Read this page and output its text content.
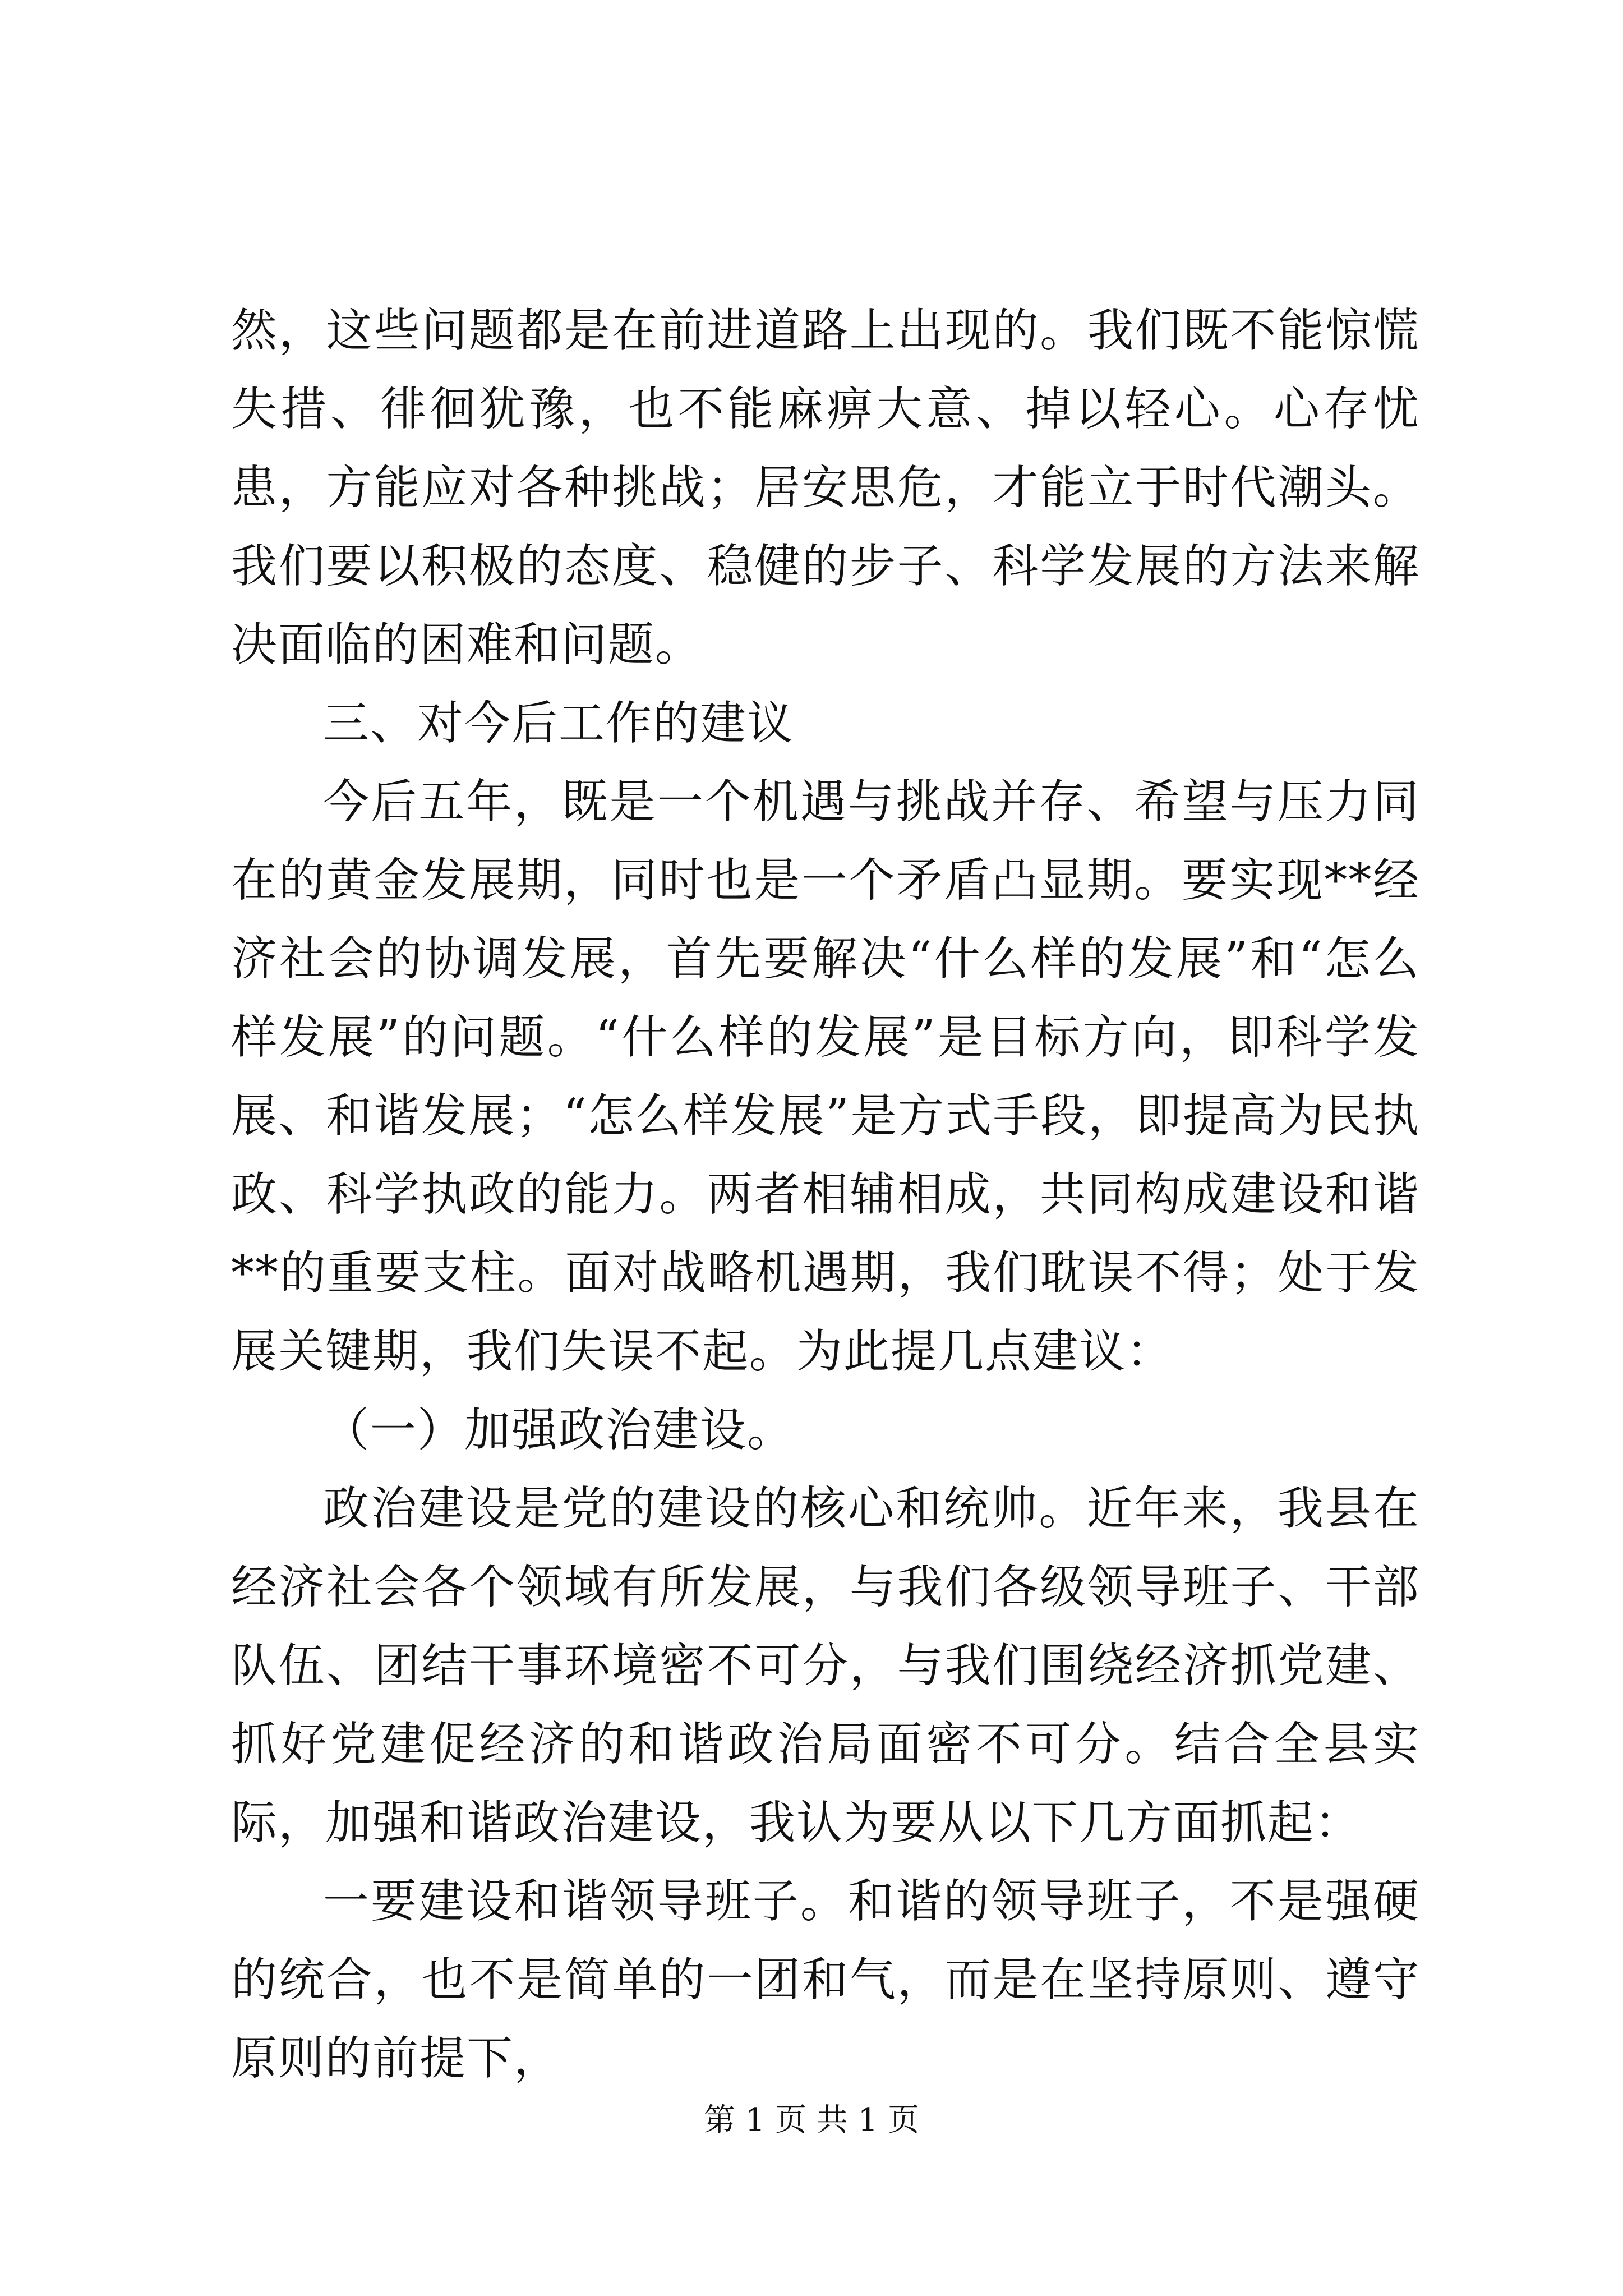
然，这些问题都是在前进道路上出现的。我们既不能惊慌失措、徘徊犹豫，也不能麻痹大意、掉以轻心。心存忧患，方能应对各种挑战；居安思危，才能立于时代潮头。我们要以积极的态度、稳健的步子、科学发展的方法来解决面临的困难和问题。

三、对今后工作的建议

今后五年，既是一个机遇与挑战并存、希望与压力同在的黄金发展期，同时也是一个矛盾凸显期。要实现**经济社会的协调发展，首先要解决“什么样的发展”和“怎么样发展”的问题。“什么样的发展”是目标方向，即科学发展、和谐发展；“怎么样发展”是方式手段，即提高为民执政、科学执政的能力。两者相辅相成，共同构成建设和谐**的重要支柱。面对战略机遇期，我们耽误不得；处于发展关键期，我们失误不起。为此提几点建议：

（一）加强政治建设。

政治建设是党的建设的核心和统帅。近年来，我县在经济社会各个领域有所发展，与我们各级领导班子、干部队伍、团结干事环境密不可分，与我们围绕经济抓党建、抓好党建促经济的和谐政治局面密不可分。结合全县实际，加强和谐政治建设，我认为要从以下几方面抓起：

一要建设和谐领导班子。和谐的领导班子，不是强硬的统合，也不是简单的一团和气，而是在坚持原则、遵守原则的前提下，

第 1 页 共 1 页
